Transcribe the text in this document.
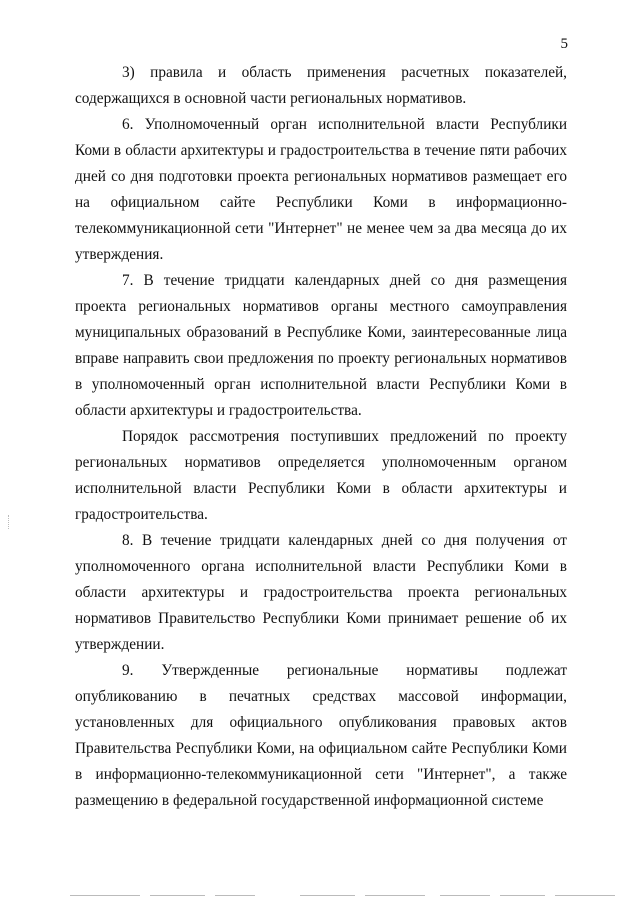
5

3) правила и область применения расчетных показателей, содержащихся в основной части региональных нормативов.

6. Уполномоченный орган исполнительной власти Республики Коми в области архитектуры и градостроительства в течение пяти рабочих дней со дня подготовки проекта региональных нормативов размещает его на официальном сайте Республики Коми в информационно-телекоммуникационной сети "Интернет" не менее чем за два месяца до их утверждения.

7. В течение тридцати календарных дней со дня размещения проекта региональных нормативов органы местного самоуправления муниципальных образований в Республике Коми, заинтересованные лица вправе направить свои предложения по проекту региональных нормативов в уполномоченный орган исполнительной власти Республики Коми в области архитектуры и градостроительства.

Порядок рассмотрения поступивших предложений по проекту региональных нормативов определяется уполномоченным органом исполнительной власти Республики Коми в области архитектуры и градостроительства.

8. В течение тридцати календарных дней со дня получения от уполномоченного органа исполнительной власти Республики Коми в области архитектуры и градостроительства проекта региональных нормативов Правительство Республики Коми принимает решение об их утверждении.

9. Утвержденные региональные нормативы подлежат опубликованию в печатных средствах массовой информации, установленных для официального опубликования правовых актов Правительства Республики Коми, на официальном сайте Республики Коми в информационно-телекоммуникационной сети "Интернет", а также размещению в федеральной государственной информационной системе
